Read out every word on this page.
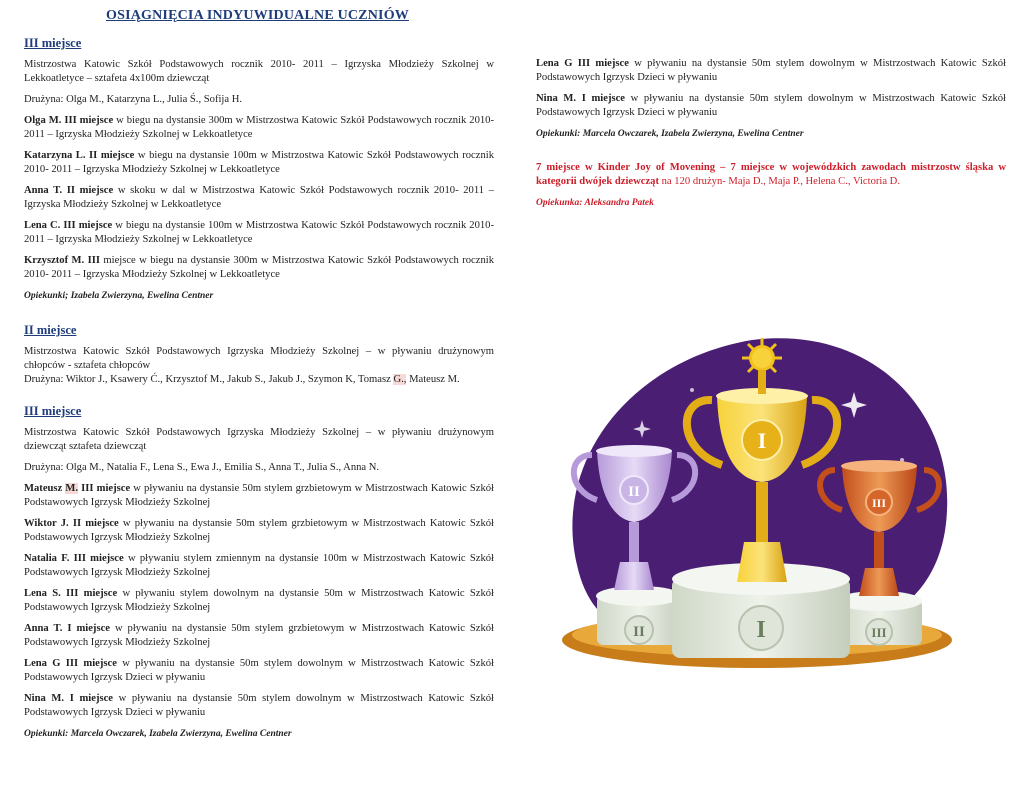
OSIĄGNIĘCIA INDYUWIDUALNE UCZNIÓW
III miejsce

Mistrzostwa Katowic Szkół Podstawowych rocznik 2010- 2011 – Igrzyska Młodzieży Szkolnej w Lekkoatletyce – sztafeta 4x100m dziewcząt

Drużyna: Olga M., Katarzyna L., Julia Ś., Sofija H.

Olga M. III miejsce w biegu na dystansie 300m w Mistrzostwa Katowic Szkół Podstawowych rocznik 2010- 2011 – Igrzyska Młodzieży Szkolnej w Lekkoatletyce

Katarzyna L. II miejsce w biegu na dystansie 100m w Mistrzostwa Katowic Szkół Podstawowych rocznik 2010- 2011 – Igrzyska Młodzieży Szkolnej w Lekkoatletyce

Anna T. II miejsce w skoku w dal w Mistrzostwa Katowic Szkół Podstawowych rocznik 2010- 2011 – Igrzyska Młodzieży Szkolnej w Lekkoatletyce

Lena C. III miejsce w biegu na dystansie 100m w Mistrzostwa Katowic Szkół Podstawowych rocznik 2010- 2011 – Igrzyska Młodzieży Szkolnej w Lekkoatletyce

Krzysztof M. III miejsce w biegu na dystansie 300m w Mistrzostwa Katowic Szkół Podstawowych rocznik 2010- 2011 – Igrzyska Młodzieży Szkolnej w Lekkoatletyce

Opiekunki; Izabela Zwierzyna, Ewelina Centner

II miejsce

Mistrzostwa Katowic Szkół Podstawowych Igrzyska Młodzieży Szkolnej – w pływaniu drużynowym chłopców - sztafeta chłopców

Drużyna: Wiktor J., Ksawery Ć., Krzysztof M., Jakub S., Jakub J., Szymon K, Tomasz G., Mateusz M.

III miejsce

Mistrzostwa Katowic Szkół Podstawowych Igrzyska Młodzieży Szkolnej – w pływaniu drużynowym dziewcząt sztafeta dziewcząt

Drużyna: Olga M., Natalia F., Lena S., Ewa J., Emilia S., Anna T., Julia S., Anna N.

Mateusz M. III miejsce w pływaniu na dystansie 50m stylem grzbietowym w Mistrzostwach Katowic Szkół Podstawowych Igrzysk Młodzieży Szkolnej

Wiktor J. II miejsce w pływaniu na dystansie 50m stylem grzbietowym w Mistrzostwach Katowic Szkół Podstawowych Igrzysk Młodzieży Szkolnej

Natalia F. III miejsce w pływaniu stylem zmiennym na dystansie 100m w Mistrzostwach Katowic Szkół Podstawowych Igrzysk Młodzieży Szkolnej

Lena S. III miejsce w pływaniu stylem dowolnym na dystansie 50m w Mistrzostwach Katowic Szkół Podstawowych Igrzysk Młodzieży Szkolnej

Anna T. I miejsce w pływaniu na dystansie 50m stylem grzbietowym w Mistrzostwach Katowic Szkół Podstawowych Igrzysk Młodzieży Szkolnej

Lena G III miejsce w pływaniu na dystansie 50m stylem dowolnym w Mistrzostwach Katowic Szkół Podstawowych Igrzysk Dzieci w pływaniu

Nina M. I miejsce w pływaniu na dystansie 50m stylem dowolnym w Mistrzostwach Katowic Szkół Podstawowych Igrzysk Dzieci w pływaniu

Opiekunki: Marcela Owczarek, Izabela Zwierzyna, Ewelina Centner

Lena G III miejsce w pływaniu na dystansie 50m stylem dowolnym w Mistrzostwach Katowic Szkół Podstawowych Igrzysk Dzieci w pływaniu

Nina M. I miejsce w pływaniu na dystansie 50m stylem dowolnym w Mistrzostwach Katowic Szkół Podstawowych Igrzysk Dzieci w pływaniu

Opiekunki: Marcela Owczarek, Izabela Zwierzyna, Ewelina Centner

7 miejsce w Kinder Joy of Movening – 7 miejsce w wojewódzkich zawodach mistrzostw śląska w kategorii dwójek dziewcząt na 120 drużyn- Maja D., Maja P., Helena C., Victoria D.

Opiekunka: Aleksandra Patek

II	I	III
II
I
III
